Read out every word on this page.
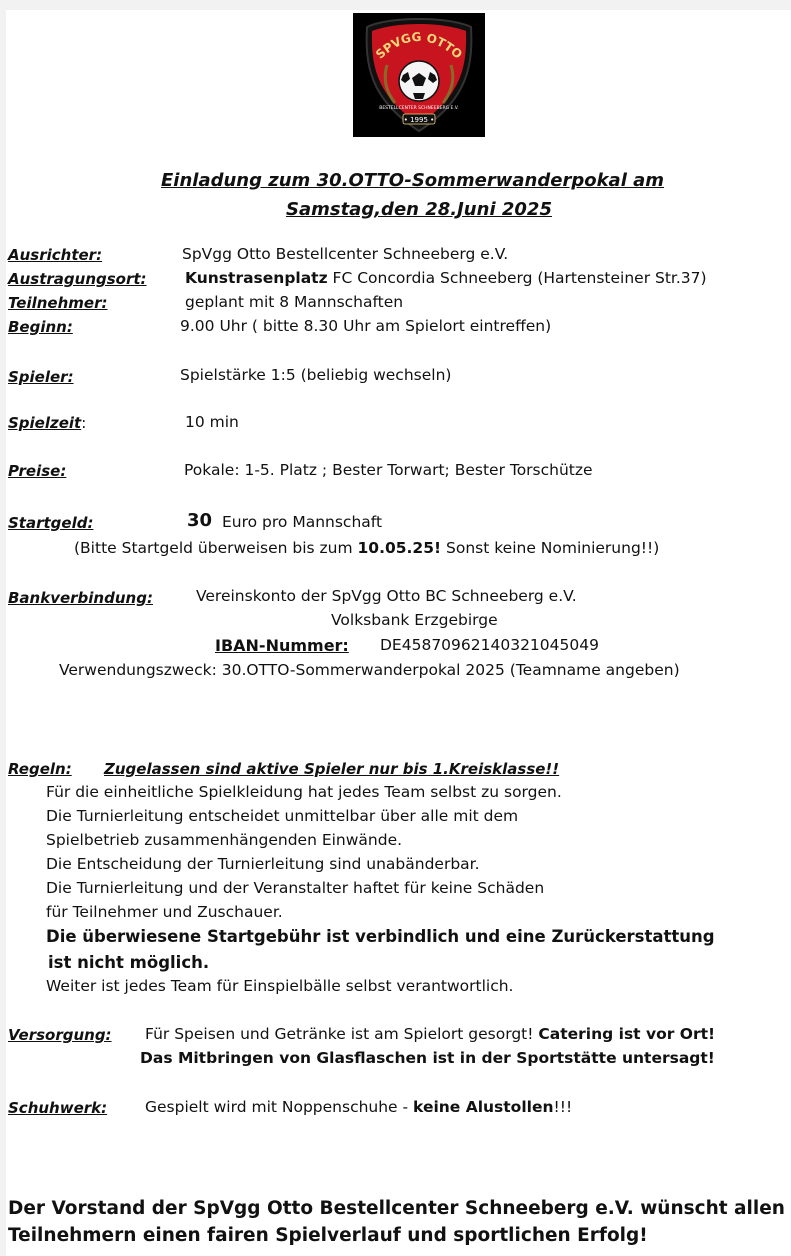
SPVGG OTTO
BESTELLCENTER SCHNEEBERG E.V.
• 1995 •
Einladung zum 30.OTTO-Sommerwanderpokal am
Samstag,den 28.Juni 2025
Ausrichter:	SpVgg Otto Bestellcenter Schneeberg e.V.
Austragungsort: Kunstrasenplatz FC Concordia Schneeberg (Hartensteiner Str.37)
Teilnehmer:	geplant mit 8 Mannschaften
Beginn:	9.00 Uhr ( bitte 8.30 Uhr am Spielort eintreffen)
Spieler:	Spielstärke 1:5 (beliebig wechseln)
Spielzeit:	10 min
Preise:	Pokale: 1-5. Platz ; Bester Torwart; Bester Torschütze
Startgeld:	30 Euro pro Mannschaft
(Bitte Startgeld überweisen bis zum 10.05.25! Sonst keine Nominierung!!)
Bankverbindung:	Vereinskonto der SpVgg Otto BC Schneeberg e.V.
Volksbank Erzgebirge
IBAN-Nummer: DE45870962140321045049
Verwendungszweck: 30.OTTO-Sommerwanderpokal 2025 (Teamname angeben)
Regeln: Zugelassen sind aktive Spieler nur bis 1.Kreisklasse!!
Für die einheitliche Spielkleidung hat jedes Team selbst zu sorgen.
Die Turnierleitung entscheidet unmittelbar über alle mit dem
Spielbetrieb zusammenhängenden Einwände.
Die Entscheidung der Turnierleitung sind unabänderbar.
Die Turnierleitung und der Veranstalter haftet für keine Schäden
für Teilnehmer und Zuschauer.
Die überwiesene Startgebühr ist verbindlich und eine Zurückerstattung
ist nicht möglich.
Weiter ist jedes Team für Einspielbälle selbst verantwortlich.
Versorgung: Für Speisen und Getränke ist am Spielort gesorgt! Catering ist vor Ort!
Das Mitbringen von Glasflaschen ist in der Sportstätte untersagt!
Schuhwerk: Gespielt wird mit Noppenschuhe - keine Alustollen!!!
Der Vorstand der SpVgg Otto Bestellcenter Schneeberg e.V. wünscht allen
Teilnehmern einen fairen Spielverlauf und sportlichen Erfolg!
